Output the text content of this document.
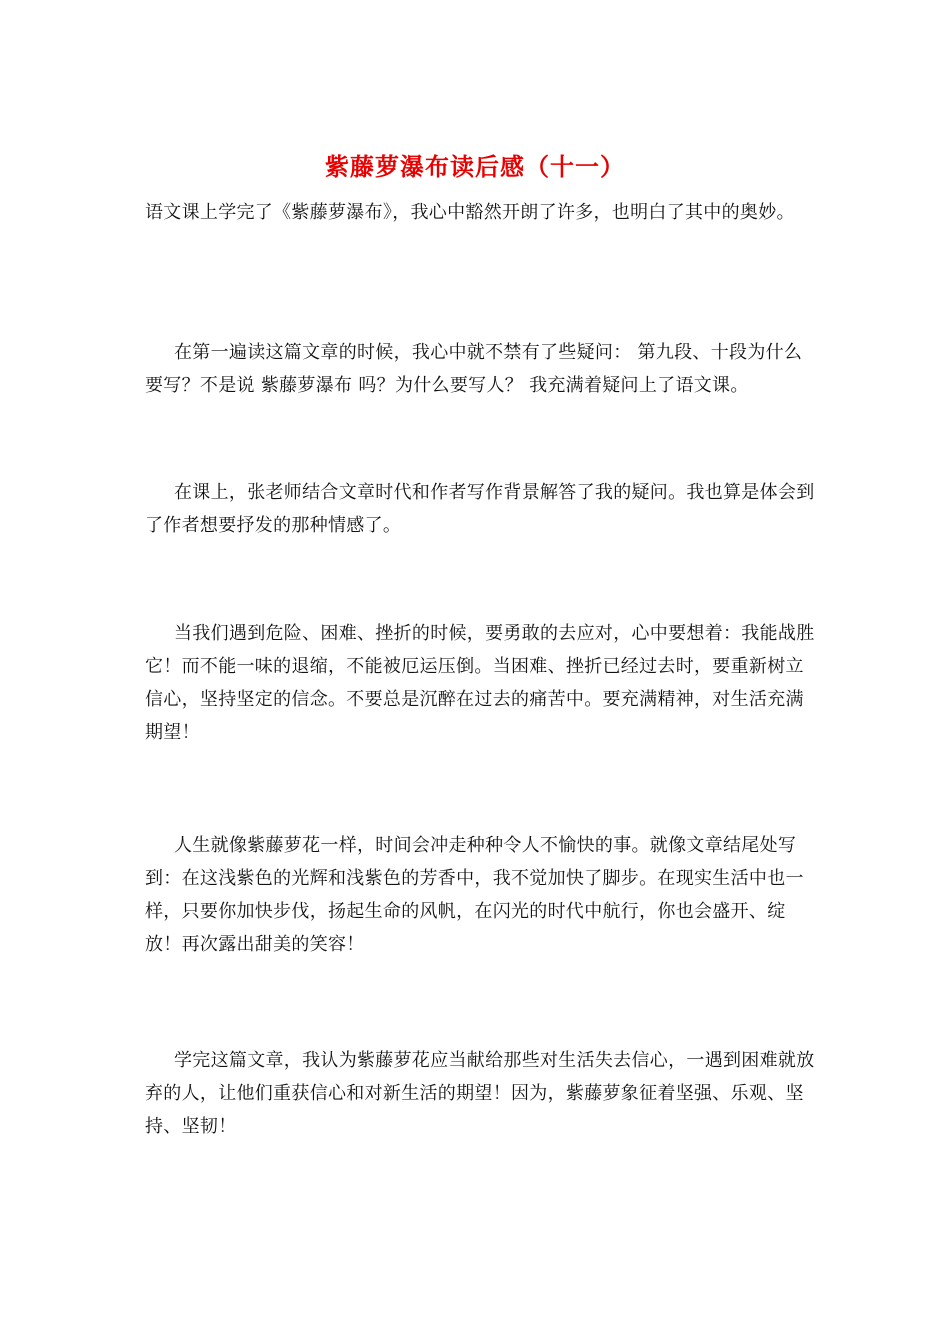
紫藤萝瀑布读后感（十一）

语文课上学完了《紫藤萝瀑布》，我心中豁然开朗了许多，也明白了其中的奥妙。

在第一遍读这篇文章的时候，我心中就不禁有了些疑问： 第九段、十段为什么要写？不是说 紫藤萝瀑布 吗？为什么要写人？ 我充满着疑问上了语文课。

在课上，张老师结合文章时代和作者写作背景解答了我的疑问。我也算是体会到了作者想要抒发的那种情感了。

当我们遇到危险、困难、挫折的时候，要勇敢的去应对，心中要想着：我能战胜它！而不能一味的退缩，不能被厄运压倒。当困难、挫折已经过去时，要重新树立信心，坚持坚定的信念。不要总是沉醉在过去的痛苦中。要充满精神，对生活充满期望！

人生就像紫藤萝花一样，时间会冲走种种令人不愉快的事。就像文章结尾处写到：在这浅紫色的光辉和浅紫色的芳香中，我不觉加快了脚步。在现实生活中也一样，只要你加快步伐，扬起生命的风帆，在闪光的时代中航行，你也会盛开、绽放！再次露出甜美的笑容！

学完这篇文章，我认为紫藤萝花应当献给那些对生活失去信心，一遇到困难就放弃的人，让他们重获信心和对新生活的期望！因为，紫藤萝象征着坚强、乐观、坚持、坚韧！
